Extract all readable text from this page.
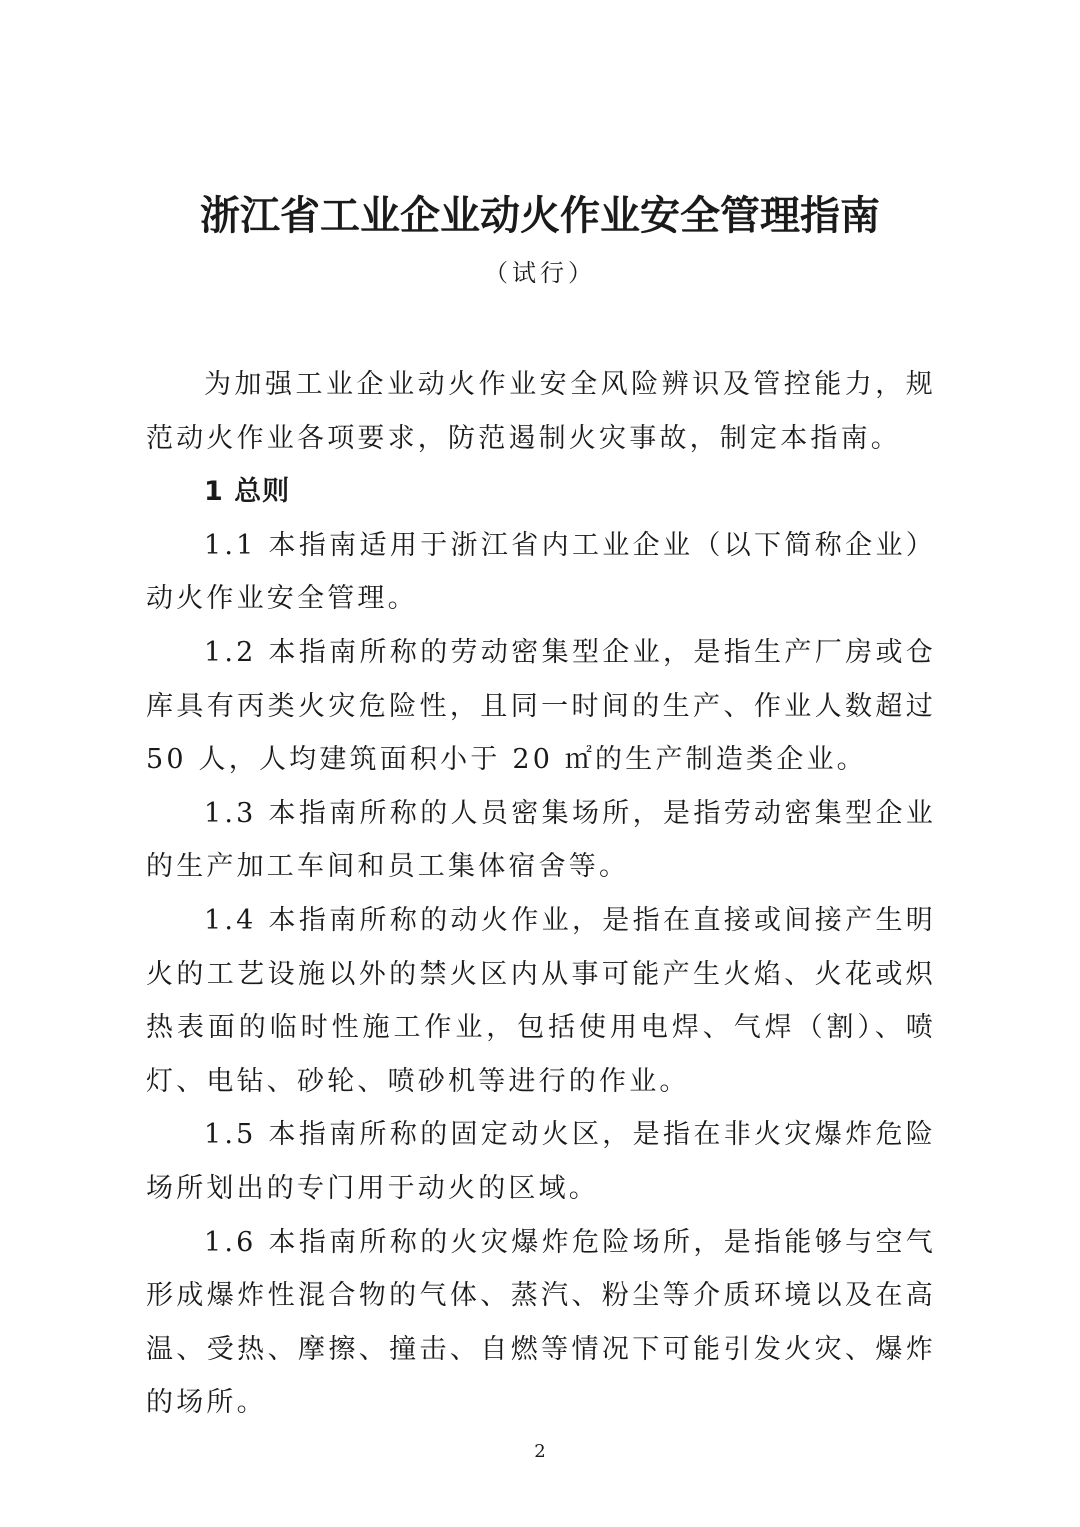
浙江省工业企业动火作业安全管理指南
（试行）

为加强工业企业动火作业安全风险辨识及管控能力，规范动火作业各项要求，防范遏制火灾事故，制定本指南。

1 总则

1.1 本指南适用于浙江省内工业企业（以下简称企业）动火作业安全管理。

1.2 本指南所称的劳动密集型企业，是指生产厂房或仓库具有丙类火灾危险性，且同一时间的生产、作业人数超过 50 人，人均建筑面积小于 20 ㎡的生产制造类企业。

1.3 本指南所称的人员密集场所，是指劳动密集型企业的生产加工车间和员工集体宿舍等。

1.4 本指南所称的动火作业，是指在直接或间接产生明火的工艺设施以外的禁火区内从事可能产生火焰、火花或炽热表面的临时性施工作业，包括使用电焊、气焊（割）、喷灯、电钻、砂轮、喷砂机等进行的作业。

1.5 本指南所称的固定动火区，是指在非火灾爆炸危险场所划出的专门用于动火的区域。

1.6 本指南所称的火灾爆炸危险场所，是指能够与空气形成爆炸性混合物的气体、蒸汽、粉尘等介质环境以及在高温、受热、摩擦、撞击、自燃等情况下可能引发火灾、爆炸的场所。

2
